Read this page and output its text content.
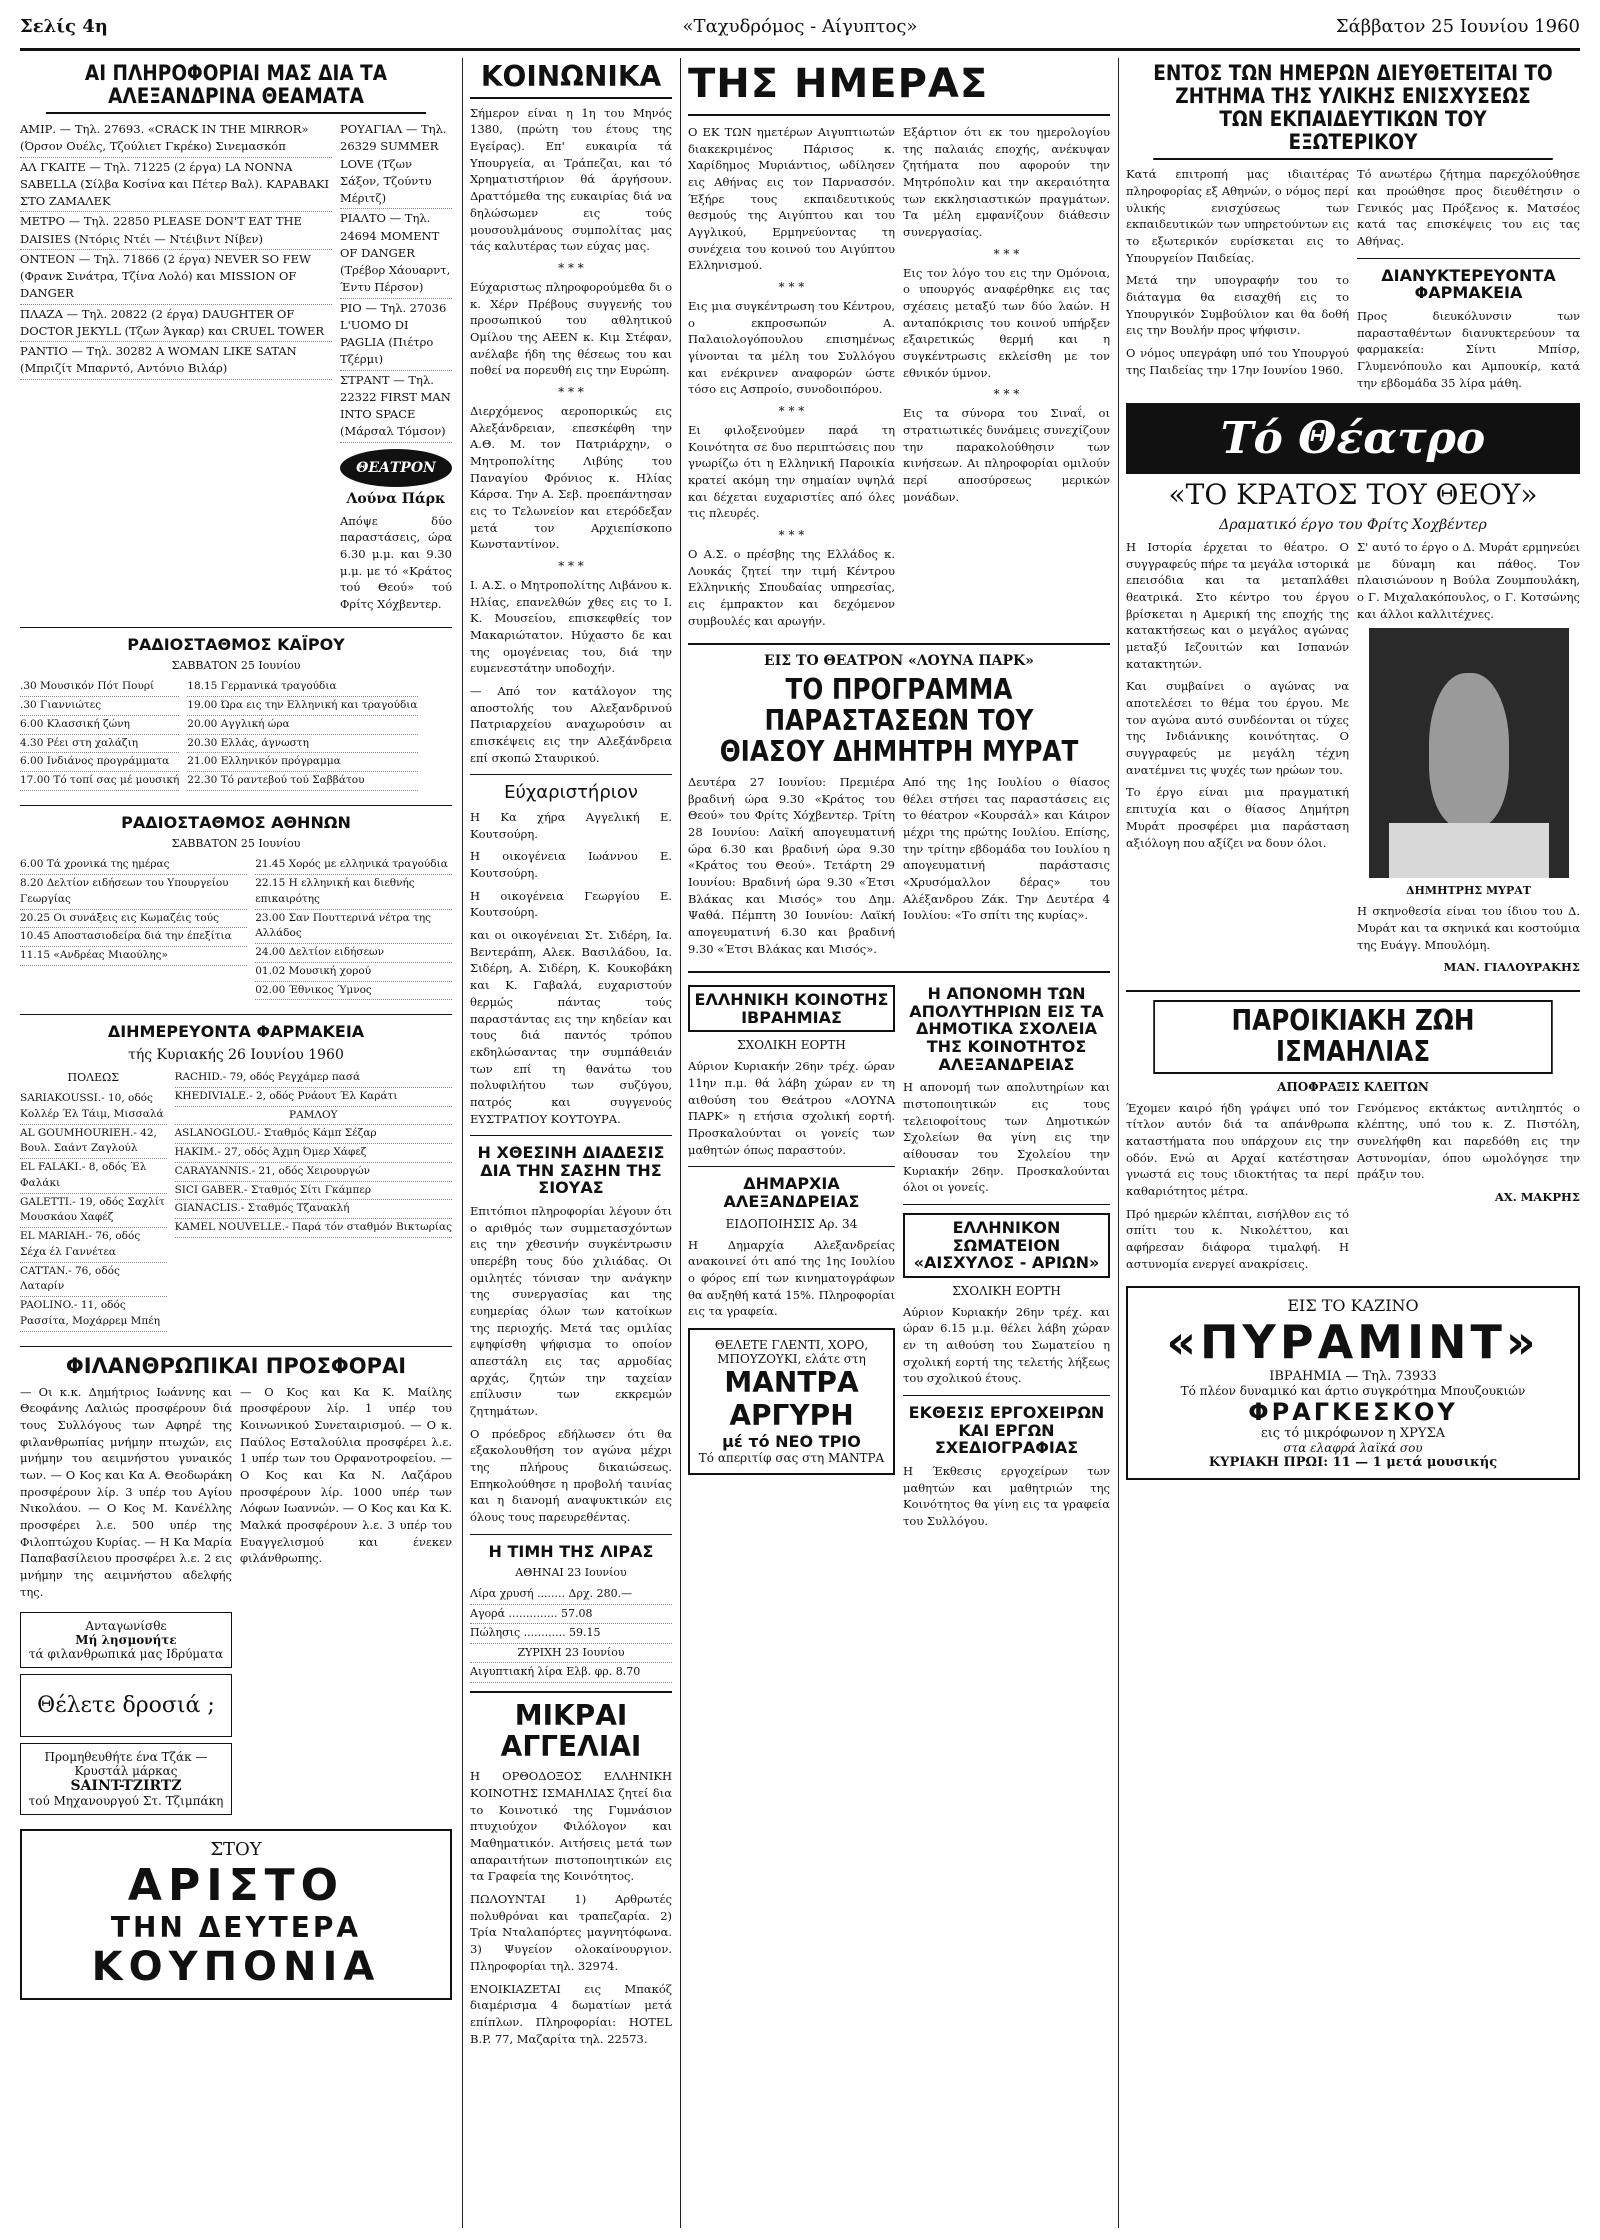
«Ταχυδρόμος - Αίγυπτος»
Σελίς 4η	Σάββατον 25 Ιουνίου 1960
ΑΙ ΠΛΗΡΟΦΟΡΙΑΙ ΜΑΣ ΔΙΑ ΤΑ ΑΛΕΞΑΝΔΡΙΝΑ ΘΕΑΜΑΤΑ
ΑΜΙΡ. — Τηλ. 27693. «CRACK IN THE MIRROR» (Όρσον Ουέλς, Τζούλιετ Γκρέκο) Σινεμασκόπ
ΑΛ ΓΚΑΙΤΕ — Τηλ. 71225 (2 έργα) LA NONNA SABELLA (Σίλβα Κοσίνα και Πέτερ Βαλ). ΚΑΡΑΒΑΚΙ ΣΤΟ ΖΑΜΑΛΕΚ
ΜΕΤΡΟ — Τηλ. 22850 PLEASE DON'T EAT THE DAISIES (Ντόρις Ντέι — Ντέιβιντ Νίβεν)
ΟΝΤΕΟΝ — Τηλ. 71866 (2 έργα) NEVER SO FEW (Φρανκ Σινάτρα, Τζίνα Λολό) και MISSION OF DANGER
ΠΛΑΖΑ — Τηλ. 20822 (2 έργα) DAUGHTER OF DOCTOR JEKYLL (Τζων Άγκαρ) και CRUEL TOWER
ΡΑΝΤΙΟ — Τηλ. 30282 A WOMAN LIKE SATAN (Μπριζίτ Μπαρντό, Αντόνιο Βιλάρ)
ΡΟΥΑΓΙΑΛ — Τηλ. 26329 SUMMER LOVE (Τζων Σάξον, Τζούντυ Μέριτζ)
ΡΙΑΛΤΟ — Τηλ. 24694 MOMENT OF DANGER (Τρέβορ Χάουαρντ, Έντυ Πέρσον)
ΡΙΟ — Τηλ. 27036 L'UOMO DI PAGLIA (Πιέτρο Τζέρμι)
ΣΤΡΑΝΤ — Τηλ. 22322 FIRST MAN INTO SPACE (Μάρσαλ Τόμσον)
ΘΕΑΤΡΟΝ
Λούνα Πάρκ
Απόψε δύο παραστάσεις, ώρα 6.30 μ.μ. και 9.30 μ.μ. με τό «Κράτος τού Θεού» τού Φρίτς Χόχβεντερ.
ΡΑΔΙΟΣΤΑΘΜΟΣ ΚΑΪΡΟΥ
ΣΑΒΒΑΤΟΝ 25 Ιουνίου
.30 Μουσικόν Πότ Πουρί
.30 Γιαννιώτες
6.00 Κλασσική ζώνη
4.30 Ρέει στη χαλάζιη
6.00 Ινδιάνος προγράμματα
17.00 Τό τοπί σας μέ μουσική
18.15 Γερμανικά τραγούδια
19.00 Ώρα εις την Ελληνική και τραγούδια
20.00 Αγγλική ώρα
20.30 Ελλάς, άγνωστη
21.00 Ελληνικόν πρόγραμμα
22.30 Τό ραντεβού τού Σαββάτου
ΡΑΔΙΟΣΤΑΘΜΟΣ ΑΘΗΝΩΝ
ΣΑΒΒΑΤΟΝ 25 Ιουνίου
6.00 Τά χρονικά της ημέρας
8.20 Δελτίον ειδήσεων του Υπουργείου Γεωργίας
20.25 Οι συνάξεις εις Κωμαζέις τούς
10.45 Αποστασιοδείρα διά την έπεξίτια
11.15 «Ανδρέας Μιαούλης»
21.45 Χορός με ελληνικά τραγούδια
22.15 Η ελληνική και διεθνής επικαιρότης
23.00 Σαν Πουττερινά νέτρα της Αλλάδος
24.00 Δελτίον ειδήσεων
01.02 Μουσική χορού
02.00 Έθνικος Ύμνος
ΔΙΗΜΕΡΕΥΟΝΤΑ ΦΑΡΜΑΚΕΙΑ
τής Κυριακής 26 Ιουνίου 1960
ΠΟΛΕΩΣ
SARIAKOUSSI.- 10, οδός Κολλέρ Έλ Τάιμ, Μισσαλά
AL GOUMHOURIEH.- 42, Βουλ. Σαάντ Ζαγλούλ
EL FALAKI.- 8, οδός Έλ Φαλάκι
GALETTI.- 19, οδός Σαχλίτ Μουσκάου Χαφέζ
EL MARIAH.- 76, οδός Σέχα έλ Γαννέτεα
CATTAN.- 76, οδός Λαταρίν
PAOLINO.- 11, οδός Ρασσίτα, Μοχάρρεμ Μπέη
RACHID.- 79, οδός Ρεγχάμερ πασά
KHEDIVIALE.- 2, οδός Ρνάουτ Έλ Καράτι
ΡΑΜΛΟΥ
ASLANOGLOU.- Σταθμός Κάμπ Σέζαρ
HAKIM.- 27, οδός Άχμη Όμερ Χάφεζ
CARAYANNIS.- 21, οδός Χειρουργών
SICI GABER.- Σταθμός Σίτι Γκάμπερ
GIANACLIS.- Σταθμός Τζανακλή
KAMEL NOUVELLE.- Παρά τόν σταθμόν Βικτωρίας
ΦΙΛΑΝΘΡΩΠΙΚΑΙ ΠΡΟΣΦΟΡΑΙ
— Οι κ.κ. Δημήτριος Ιωάννης και Θεοφάνης Λαλιώς προσφέρουν διά τους Συλλόγους των Αφηρέ της φιλανθρωπίας μνήμην πτωχών, εις μνήμην του αειμνήστου γυναικός των. — Ο Κος και Κα Α. Θεοδωράκη προσφέρουν λίρ. 3 υπέρ του Αγίου Νικολάου. — Ο Κος Μ. Κανέλλης προσφέρει λ.ε. 500 υπέρ της Φιλοπτώχου Κυρίας. — Η Κα Μαρία Παπαβασίλειου προσφέρει λ.ε. 2 εις μνήμην της αειμνήστου αδελφής της.
— Ο Κος και Κα Κ. Μαίλης προσφέρουν λίρ. 1 υπέρ του Κοινωνικού Συνεταιρισμού. — Ο κ. Παύλος Εσταλούλια προσφέρει λ.ε. 1 υπέρ των του Ορφανοτροφείου. — Ο Κος και Κα Ν. Λαζάρου προσφέρουν λίρ. 1000 υπέρ των Λόφων Ιωαννών. — Ο Κος και Κα Κ. Μαλκά προσφέρουν λ.ε. 3 υπέρ του Ευαγγελισμού και ένεκεν φιλάνθρωπης.
Ανταγωνίσθε
Μή λησμονήτε
τά φιλανθρωπικά μας Ιδρύματα
Θέλετε δροσιά ;
Προμηθευθήτε ένα Τζάκ — Κρυστάλ μάρκας
SAINT-TZIRTZ
τού Μηχανουργού Στ. Τζιμπάκη
ΣΤΟΥ
ΑΡΙΣΤΟ
ΤΗΝ ΔΕΥΤΕΡΑ
ΚΟΥΠΟΝΙΑ
ΚΟΙΝΩΝΙΚΑ
Σήμερον είναι η 1η του Μηνός 1380, (πρώτη του έτους της Εγείρας). Επ' ευκαιρία τά Υπουργεία, αι Τράπεζαι, και τό Χρηματιστήριον θά άργήσουν. Δραττόμεθα της ευκαιρίας διά να δηλώσωμεν εις τούς μουσουλμάνους συμπολίτας μας τάς καλυτέρας των εύχας μας.
* * *
Εύχαριστως πληροφορούμεθα δι ο κ. Χέρν Πρέβους συγγενής του προσωπικού του αθλητικού Ομίλου της ΑΕΕΝ κ. Κιμ Στέφαν, ανέλαβε ήδη της θέσεως του και ποθεί να πορευθή εις την Ευρώπη.
* * *
Διερχόμενος αεροπορικώς εις Αλεξάνδρειαν, επεσκέφθη την Α.Θ. Μ. τον Πατριάρχην, ο Μητροπολίτης Λιβύης του Παναγίου Φρόνιος κ. Ηλίας Κάρσα. Την Α. Σεβ. προεπάντησαν εις το Τελωνείον και ετερόδεξαν μετά τον Αρχιεπίσκοπο Κωνσταντίνον.
* * *
Ι. Α.Σ. ο Μητροπολίτης Λιβάνου κ. Ηλίας, επανελθών χθες εις το Ι. Κ. Μουσείου, επισκεφθείς τον Μακαριώτατον. Ηύχαστο δε και της ομογένειας του, διά την ευμενεστάτην υποδοχήν.
— Από τον κατάλογον της αποστολής του Αλεξανδρινού Πατριαρχείου αναχωρούσιν αι επισκέψεις εις την Αλεξάνδρεια επί σκοπώ Σταυρικού.
Εύχαριστήριον
Η Κα χήρα Αγγελική Ε. Κουτσούρη.
Η οικογένεια Ιωάννου Ε. Κουτσούρη.
Η οικογένεια Γεωργίου Ε. Κουτσούρη.
και οι οικογένειαι Στ. Σιδέρη, Ια. Βεντεράπη, Αλεκ. Βασιλάδου, Ια. Σιδέρη, Α. Σιδέρη, Κ. Κουκοβάκη και Κ. Γαβαλά, ευχαριστούν θερμώς πάντας τούς παραστάντας εις την κηδείαν και τους διά παντός τρόπου εκδηλώσαντας την συμπάθειάν των επί τη θανάτω του πολυφιλήτου των συζύγου, πατρός και συγγενούς ΕΥΣΤΡΑΤΙΟΥ ΚΟΥΤΟΥΡΑ.
Η ΧΘΕΣΙΝΗ ΔΙΑΔΕΣΙΣ ΔΙΑ ΤΗΝ ΣΑΣΗΝ ΤΗΣ ΣΙΟΥΑΣ
Επιτόπιοι πληροφορίαι λέγουν ότι ο αριθμός των συμμετασχόντων εις την χθεσινήν συγκέντρωσιν υπερέβη τους δύο χιλιάδας. Οι ομιλητές τόνισαν την ανάγκην της συνεργασίας και της ευημερίας όλων των κατοίκων της περιοχής. Μετά τας ομιλίας εψηφίσθη ψήφισμα το οποίον απεστάλη εις τας αρμοδίας αρχάς, ζητών την ταχείαν επίλυσιν των εκκρεμών ζητημάτων.
Ο πρόεδρος εδήλωσεν ότι θα εξακολουθήση τον αγώνα μέχρι της πλήρους δικαιώσεως. Επηκολούθησε η προβολή ταινίας και η διανομή αναψυκτικών εις όλους τους παρευρεθέντας.
Η ΤΙΜΗ ΤΗΣ ΛΙΡΑΣ
ΑΘΗΝΑΙ 23 Ιουνίου
Λίρα χρυσή ........ Δρχ. 280.—
Αγορά .............. 57.08
Πώλησις ............ 59.15
ΖΥΡΙΧΗ 23 Ιουνίου
Αιγυπτιακή λίρα Ελβ. φρ. 8.70
ΜΙΚΡΑΙ ΑΓΓΕΛΙΑΙ
Η ΟΡΘΟΔΟΞΟΣ ΕΛΛΗΝΙΚΗ ΚΟΙΝΟΤΗΣ ΙΣΜΑΗΛΙΑΣ ζητεί δια το Κοινοτικό της Γυμνάσιον πτυχιούχον Φιλόλογον και Μαθηματικόν. Αιτήσεις μετά των απαραιτήτων πιστοποιητικών εις τα Γραφεία της Κοινότητος.
ΠΩΛΟΥΝΤΑΙ 1) Αρθρωτές πολυθρόναι και τραπεζαρία. 2) Τρία Νταλαπόρτες μαγνητόφωνα. 3) Ψυγείον ολοκαίνουργιον. Πληροφορίαι τηλ. 32974.
ΕΝΟΙΚΙΑΖΕΤΑΙ εις Μπακόζ διαμέρισμα 4 δωματίων μετά επίπλων. Πληροφορίαι: HOTEL B.P. 77, Μαζαρίτα τηλ. 22573.
ΤΗΣ ΗΜΕΡΑΣ
Ο ΕΚ ΤΩΝ ημετέρων Αιγυπτιωτών διακεκριμένος Πάρισος κ. Χαρίδημος Μυριάντιος, ωδίλησεν εις Αθήνας εις τον Παρνασσόν. Έξήρε τους εκπαιδευτικούς θεσμούς της Αιγύπτου και του Αγγλικού, Ερμηνεύοντας τη συνέχεια του κοινού του Αιγύπτου Ελληνισμού.
* * *
Εις μια συγκέντρωση του Κέντρου, ο εκπροσωπών Α. Παλαιολογόπουλου επισημένως γίνονται τα μέλη του Συλλόγου και ενέκρινεν αναφορών ώστε τόσο εις Ασπροίο, συνοδοιπόρου.
* * *
Ει φιλοξενούμεν παρά τη Κοινότητα σε δυο περιπτώσεις που γνωρίζω ότι η Ελληνική Παροικία κρατεί ακόμη την σημαίαν υψηλά και δέχεται ευχαριστίες από όλες τις πλευρές.
* * *
Ο Α.Σ. ο πρέσβης της Ελλάδος κ. Λουκάς ζητεί την τιμή Κέντρου Ελληνικής Σπουδαίας υπηρεσίας, εις έμπρακτον και δεχόμενον συμβουλές και αρωγήν.
Εξάρτιον ότι εκ του ημερολογίου της παλαιάς εποχής, ανέκυψαν ζητήματα που αφορούν την Μητρόπολιν και την ακεραιότητα των εκκλησιαστικών πραγμάτων. Τα μέλη εμφανίζουν διάθεσιν συνεργασίας.
* * *
Εις τον λόγο του εις την Ομόνοια, ο υπουργός αναφέρθηκε εις τας σχέσεις μεταξύ των δύο λαών. Η ανταπόκρισις του κοινού υπήρξεν εξαιρετικώς θερμή και η συγκέντρωσις εκλείσθη με τον εθνικόν ύμνον.
* * *
Εις τα σύνορα του Σιναΐ, οι στρατιωτικές δυνάμεις συνεχίζουν την παρακολούθησιν των κινήσεων. Αι πληροφορίαι ομιλούν περί αποσύρσεως μερικών μονάδων.
ΕΙΣ ΤΟ ΘΕΑΤΡΟΝ «ΛΟΥΝΑ ΠΑΡΚ»
ΤΟ ΠΡΟΓΡΑΜΜΑ ΠΑΡΑΣΤΑΣΕΩΝ ΤΟΥ ΘΙΑΣΟΥ ΔΗΜΗΤΡΗ ΜΥΡΑΤ
Δευτέρα 27 Ιουνίου: Πρεμιέρα βραδινή ώρα 9.30 «Κράτος του Θεού» του Φρίτς Χόχβεντερ. Τρίτη 28 Ιουνίου: Λαϊκή απογευματινή ώρα 6.30 και βραδινή ώρα 9.30 «Κράτος του Θεού». Τετάρτη 29 Ιουνίου: Βραδινή ώρα 9.30 «Έτσι Βλάκας και Μισός» του Δημ. Ψαθά. Πέμπτη 30 Ιουνίου: Λαϊκή απογευματινή 6.30 και βραδινή 9.30 «Έτσι Βλάκας και Μισός».
Από της 1ης Ιουλίου ο θίασος θέλει στήσει τας παραστάσεις εις το θέατρον «Κουρσάλ» και Κάιρον μέχρι της πρώτης Ιουλίου. Επίσης, την τρίτην εβδομάδα του Ιουλίου η απογευματινή παράστασις «Χρυσόμαλλον δέρας» του Αλέξανδρου Ζάκ. Την Δευτέρα 4 Ιουλίου: «Το σπίτι της κυρίας».
ΕΛΛΗΝΙΚΗ ΚΟΙΝΟΤΗΣ ΙΒΡΑΗΜΙΑΣ
ΣΧΟΛΙΚΗ ΕΟΡΤΗ
Αύριον Κυριακήν 26ην τρέχ. ώραν 11ην π.μ. θά λάβη χώραν εν τη αιθούση του Θεάτρου «ΛΟΥΝΑ ΠΑΡΚ» η ετήσια σχολική εορτή. Προσκαλούνται οι γονείς των μαθητών όπως παραστούν.
ΔΗΜΑΡΧΙΑ ΑΛΕΞΑΝΔΡΕΙΑΣ
ΕΙΔΟΠΟΙΗΣΙΣ Αρ. 34
Η Δημαρχία Αλεξανδρείας ανακοινεί ότι από της 1ης Ιουλίου ο φόρος επί των κινηματογράφων θα αυξηθή κατά 15%. Πληροφορίαι εις τα γραφεία.
ΘΕΛΕΤΕ ΓΛΕΝΤΙ, ΧΟΡΟ, ΜΠΟΥΖΟΥΚΙ, ελάτε στη
ΜΑΝΤΡΑ ΑΡΓΥΡΗ
μέ τό ΝΕΟ ΤΡΙΟ
Τό απεριτίφ σας στη ΜΑΝΤΡΑ
Η ΑΠΟΝΟΜΗ ΤΩΝ ΑΠΟΛΥΤΗΡΙΩΝ ΕΙΣ ΤΑ ΔΗΜΟΤΙΚΑ ΣΧΟΛΕΙΑ ΤΗΣ ΚΟΙΝΟΤΗΤΟΣ ΑΛΕΞΑΝΔΡΕΙΑΣ
Η απονομή των απολυτηρίων και πιστοποιητικών εις τους τελειοφοίτους των Δημοτικών Σχολείων θα γίνη εις την αίθουσαν του Σχολείου την Κυριακήν 26ην. Προσκαλούνται όλοι οι γονείς.
ΕΛΛΗΝΙΚΟΝ ΣΩΜΑΤΕΙΟΝ «ΑΙΣΧΥΛΟΣ - ΑΡΙΩΝ»
ΣΧΟΛΙΚΗ ΕΟΡΤΗ
Αύριον Κυριακήν 26ην τρέχ. και ώραν 6.15 μ.μ. θέλει λάβη χώραν εν τη αιθούση του Σωματείου η σχολική εορτή της τελετής λήξεως του σχολικού έτους.
ΕΚΘΕΣΙΣ ΕΡΓΟΧΕΙΡΩΝ ΚΑΙ ΕΡΓΩΝ ΣΧΕΔΙΟΓΡΑΦΙΑΣ
Η Έκθεσις εργοχείρων των μαθητών και μαθητριών της Κοινότητος θα γίνη εις τα γραφεία του Συλλόγου.
ΕΝΤΟΣ ΤΩΝ ΗΜΕΡΩΝ ΔΙΕΥΘΕΤΕΙΤΑΙ ΤΟ ΖΗΤΗΜΑ ΤΗΣ ΥΛΙΚΗΣ ΕΝΙΣΧΥΣΕΩΣ ΤΩΝ ΕΚΠΑΙΔΕΥΤΙΚΩΝ ΤΟΥ ΕΞΩΤΕΡΙΚΟΥ
Κατά επιτροπή μας ιδιαιτέρας πληροφορίας εξ Αθηνών, ο νόμος περί υλικής ενισχύσεως των εκπαιδευτικών των υπηρετούντων εις το εξωτερικόν ευρίσκεται εις το Υπουργείον Παιδείας.
Μετά την υπογραφήν του το διάταγμα θα εισαχθή εις το Υπουργικόν Συμβούλιον και θα δοθή εις την Βουλήν προς ψήφισιν.
Ο νόμος υπεγράφη υπό του Υπουργού της Παιδείας την 17ην Ιουνίου 1960.
Τό ανωτέρω ζήτημα παρεχόλούθησε και προώθησε προς διευθέτησιν ο Γενικός μας Πρόξενος κ. Ματσέος κατά τας επισκέψεις του εις τας Αθήνας.
ΔΙΑΝΥΚΤΕΡΕΥΟΝΤΑ ΦΑΡΜΑΚΕΙΑ
Προς διευκόλυνσιν των παρασταθέντων διανυκτερεύουν τα φαρμακεία: Σίντι Μπίσρ, Γλυμενόπουλο και Αμπουκίρ, κατά την εβδομάδα 35 λίρα μάθη.
Τό Θέατρο
«ΤΟ ΚΡΑΤΟΣ ΤΟΥ ΘΕΟΥ»
Δραματικό έργο του Φρίτς Χοχβέντερ
Η Ιστορία έρχεται το θέατρο. Ο συγγραφεύς πήρε τα μεγάλα ιστορικά επεισόδια και τα μεταπλάθει θεατρικά. Στο κέντρο του έργου βρίσκεται η Αμερική της εποχής της κατακτήσεως και ο μεγάλος αγώνας μεταξύ Ιεζουιτών και Ισπανών κατακτητών.
Και συμβαίνει ο αγώνας να αποτελέσει το θέμα του έργου. Με τον αγώνα αυτό συνδέονται οι τύχες της Ινδιάνικης κοινότητας. Ο συγγραφεύς με μεγάλη τέχνη ανατέμνει τις ψυχές των ηρώων του.
Το έργο είναι μια πραγματική επιτυχία και ο θίασος Δημήτρη Μυράτ προσφέρει μια παράσταση αξιόλογη που αξίζει να δουν όλοι.
Σ' αυτό το έργο ο Δ. Μυράτ ερμηνεύει με δύναμη και πάθος. Τον πλαισιώνουν η Βούλα Ζουμπουλάκη, ο Γ. Μιχαλακόπουλος, ο Γ. Κοτσώνης και άλλοι καλλιτέχνες.
ΔΗΜΗΤΡΗΣ ΜΥΡΑΤ
Η σκηνοθεσία είναι του ίδιου του Δ. Μυράτ και τα σκηνικά και κοστούμια της Ευάγγ. Μπουλόμη.
ΜΑΝ. ΓΙΑΛΟΥΡΑΚΗΣ
ΠΑΡΟΙΚΙΑΚΗ ΖΩΗ ΙΣΜΑΗΛΙΑΣ
ΑΠΟΦΡΑΞΙΣ ΚΛΕΙΤΩΝ
Έχομεν καιρό ήδη γράψει υπό τον τίτλον αυτόν διά τα απάνθρωπα καταστήματα που υπάρχουν εις την οδόν. Ενώ αι Αρχαί κατέστησαν γνωστά εις τους ιδιοκτήτας τα περί καθαριότητος μέτρα.
Πρό ημερών κλέπται, εισήλθον εις τό σπίτι του κ. Νικολέττου, και αφήρεσαν διάφορα τιμαλφή. Η αστυνομία ενεργεί ανακρίσεις.
Γενόμενος εκτάκτως αντιληπτός ο κλέπτης, υπό του κ. Ζ. Πιστόλη, συνελήφθη και παρεδόθη εις την Αστυνομίαν, όπου ωμολόγησε την πράξιν του.
ΑΧ. ΜΑΚΡΗΣ
ΕΙΣ ΤΟ ΚΑΖΙΝΟ
«ΠΥΡΑΜΙΝΤ»
ΙΒΡΑΗΜΙΑ — Τηλ. 73933
Τό πλέον δυναμικό και άρτιο συγκρότημα Μπουζουκιών
ΦΡΑΓΚΕΣΚΟΥ
εις τό μικρόφωνον η ΧΡΥΣΑ
στα ελαφρά λαϊκά σου
ΚΥΡΙΑΚΗ ΠΡΩΙ: 11 — 1 μετά μουσικής
